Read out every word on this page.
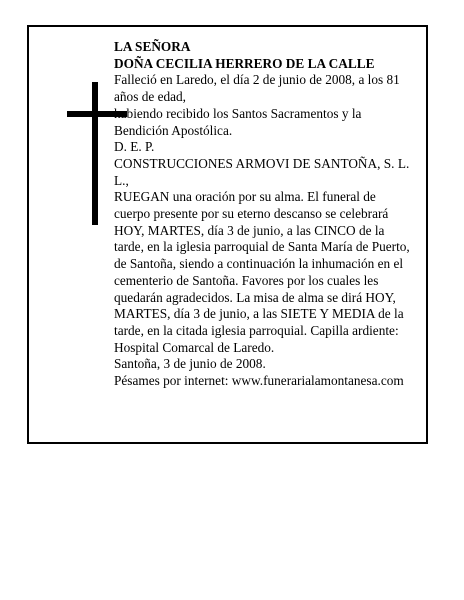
LA SEÑORA

DOÑA CECILIA HERRERO DE LA CALLE

Falleció en Laredo, el día 2 de junio de 2008, a los 81 años de edad,

habiendo recibido los Santos Sacramentos y la Bendición Apostólica.

D. E. P.

CONSTRUCCIONES ARMOVI DE SANTOÑA, S. L. L.,

RUEGAN una oración por su alma. El funeral de cuerpo presente por su eterno descanso se celebrará HOY, MARTES, día 3 de junio, a las CINCO de la tarde, en la iglesia parroquial de Santa María de Puerto, de Santoña, siendo a continuación la inhumación en el cementerio de Santoña. Favores por los cuales les quedarán agradecidos. La misa de alma se dirá HOY, MARTES, día 3 de junio, a las SIETE Y MEDIA de la tarde, en la citada iglesia parroquial. Capilla ardiente: Hospital Comarcal de Laredo.

Santoña, 3 de junio de 2008.

Pésames por internet: www.funerarialamontanesa.com
